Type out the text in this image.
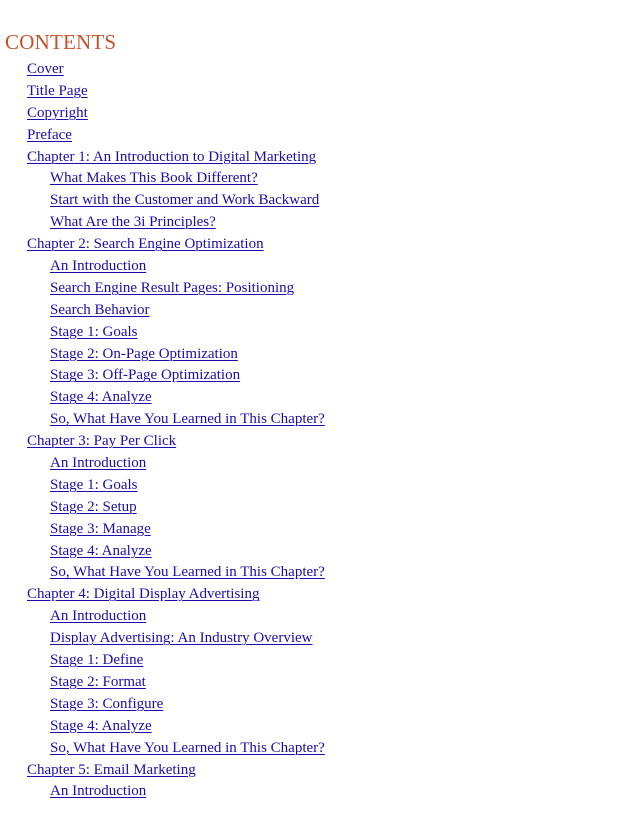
CONTENTS
Cover
Title Page
Copyright
Preface
Chapter 1: An Introduction to Digital Marketing
What Makes This Book Different?
Start with the Customer and Work Backward
What Are the 3i Principles?
Chapter 2: Search Engine Optimization
An Introduction
Search Engine Result Pages: Positioning
Search Behavior
Stage 1: Goals
Stage 2: On-Page Optimization
Stage 3: Off-Page Optimization
Stage 4: Analyze
So, What Have You Learned in This Chapter?
Chapter 3: Pay Per Click
An Introduction
Stage 1: Goals
Stage 2: Setup
Stage 3: Manage
Stage 4: Analyze
So, What Have You Learned in This Chapter?
Chapter 4: Digital Display Advertising
An Introduction
Display Advertising: An Industry Overview
Stage 1: Define
Stage 2: Format
Stage 3: Configure
Stage 4: Analyze
So, What Have You Learned in This Chapter?
Chapter 5: Email Marketing
An Introduction
